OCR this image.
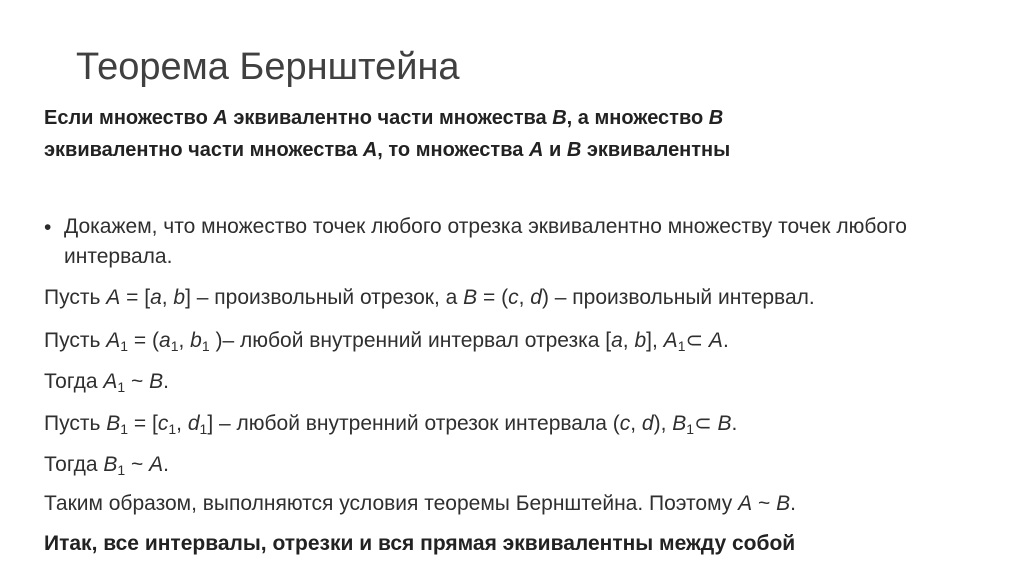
Теорема Бернштейна
Если множество A эквивалентно части множества B, а множество B
эквивалентно части множества A, то множества A и B эквивалентны
• Докажем, что множество точек любого отрезка эквивалентно множеству точек любого интервала.
Пусть A = [a, b] – произвольный отрезок, а B = (c, d) – произвольный интервал.
Пусть $A_1 = (a_1$, $b_1$ )– любой внутренний интервал отрезка [a, b], $A_1\subset$ A.
Тогда $A_1$ ~ B.
Пусть $B_1 = [c_1$, $d_1$] – любой внутренний отрезок интервала (c, d), $B_1\subset$ B.
Тогда $B_1$ ~ A.
Таким образом, выполняются условия теоремы Бернштейна. Поэтому A ~ B.
Итак, все интервалы, отрезки и вся прямая эквивалентны между собой
